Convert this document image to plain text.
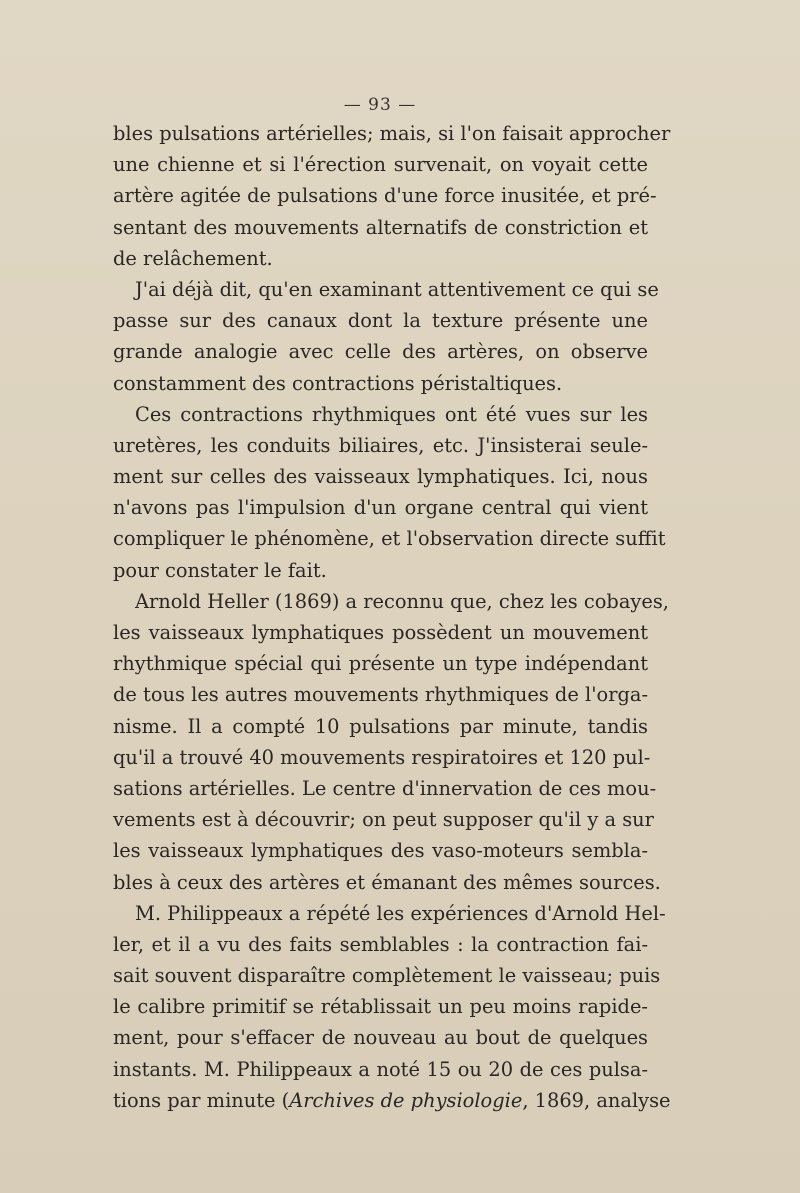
— 93 —
bles pulsations artérielles; mais, si l'on faisait approcher
une chienne et si l'érection survenait, on voyait cette
artère agitée de pulsations d'une force inusitée, et pré-
sentant des mouvements alternatifs de constriction et
de relâchement.
J'ai déjà dit, qu'en examinant attentivement ce qui se
passe sur des canaux dont la texture présente une
grande analogie avec celle des artères, on observe
constamment des contractions péristaltiques.
Ces contractions rhythmiques ont été vues sur les
uretères, les conduits biliaires, etc. J'insisterai seule-
ment sur celles des vaisseaux lymphatiques. Ici, nous
n'avons pas l'impulsion d'un organe central qui vient
compliquer le phénomène, et l'observation directe suffit
pour constater le fait.
Arnold Heller (1869) a reconnu que, chez les cobayes,
les vaisseaux lymphatiques possèdent un mouvement
rhythmique spécial qui présente un type indépendant
de tous les autres mouvements rhythmiques de l'orga-
nisme. Il a compté 10 pulsations par minute, tandis
qu'il a trouvé 40 mouvements respiratoires et 120 pul-
sations artérielles. Le centre d'innervation de ces mou-
vements est à découvrir; on peut supposer qu'il y a sur
les vaisseaux lymphatiques des vaso-moteurs sembla-
bles à ceux des artères et émanant des mêmes sources.
M. Philippeaux a répété les expériences d'Arnold Hel-
ler, et il a vu des faits semblables : la contraction fai-
sait souvent disparaître complètement le vaisseau; puis
le calibre primitif se rétablissait un peu moins rapide-
ment, pour s'effacer de nouveau au bout de quelques
instants. M. Philippeaux a noté 15 ou 20 de ces pulsa-
tions par minute (Archives de physiologie, 1869, analyse
